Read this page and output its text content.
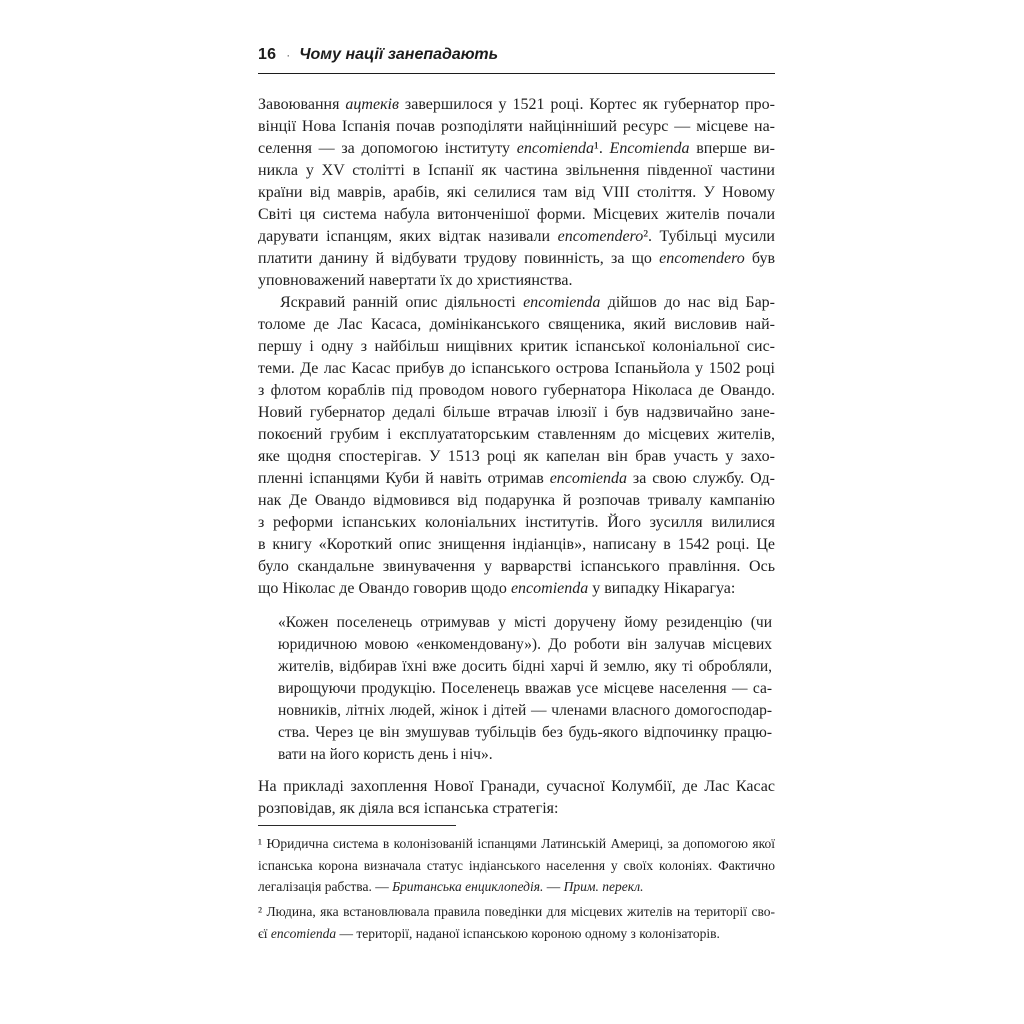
16 · Чому нації занепадають
Завоювання ацтеків завершилося у 1521 році. Кортес як губернатор про-
вінції Нова Іспанія почав розподіляти найцінніший ресурс — місцеве на-
селення — за допомогою інституту encomienda¹. Encomienda вперше ви-
никла у XV столітті в Іспанії як частина звільнення південної частини
країни від маврів, арабів, які селилися там від VIII століття. У Новому
Світі ця система набула витонченішої форми. Місцевих жителів почали
дарувати іспанцям, яких відтак називали encomendero². Тубільці мусили
платити данину й відбувати трудову повинність, за що encomendero був
уповноважений навертати їх до християнства.
Яскравий ранній опис діяльності encomienda дійшов до нас від Бар-
толоме де Лас Касаса, домініканського священика, який висловив най-
першу і одну з найбільш нищівних критик іспанської колоніальної сис-
теми. Де лас Касас прибув до іспанського острова Іспаньйола у 1502 році
з флотом кораблів під проводом нового губернатора Ніколаса де Овандо.
Новий губернатор дедалі більше втрачав ілюзії і був надзвичайно зане-
покоєний грубим і експлуататорським ставленням до місцевих жителів,
яке щодня спостерігав. У 1513 році як капелан він брав участь у захо-
пленні іспанцями Куби й навіть отримав encomienda за свою службу. Од-
нак Де Овандо відмовився від подарунка й розпочав тривалу кампанію
з реформи іспанських колоніальних інститутів. Його зусилля вилилися
в книгу «Короткий опис знищення індіанців», написану в 1542 році. Це
було скандальне звинувачення у варварстві іспанського правління. Ось
що Ніколас де Овандо говорив щодо encomienda у випадку Нікарагуа:
«Кожен поселенець отримував у місті доручену йому резиденцію (чи
юридичною мовою «енкомендовану»). До роботи він залучав місцевих
жителів, відбирав їхні вже досить бідні харчі й землю, яку ті обробляли,
вирощуючи продукцію. Поселенець вважав усе місцеве населення — са-
новників, літніх людей, жінок і дітей — членами власного домогосподар-
ства. Через це він змушував тубільців без будь-якого відпочинку працю-
вати на його користь день і ніч».
На прикладі захоплення Нової Гранади, сучасної Колумбії, де Лас Касас
розповідав, як діяла вся іспанська стратегія:
¹ Юридична система в колонізованій іспанцями Латинській Америці, за допомогою якої
іспанська корона визначала статус індіанського населення у своїх колоніях. Фактично
легалізація рабства. — Британська енциклопедія. — Прим. перекл.
² Людина, яка встановлювала правила поведінки для місцевих жителів на території сво-
єї encomienda — території, наданої іспанською короною одному з колонізаторів.
